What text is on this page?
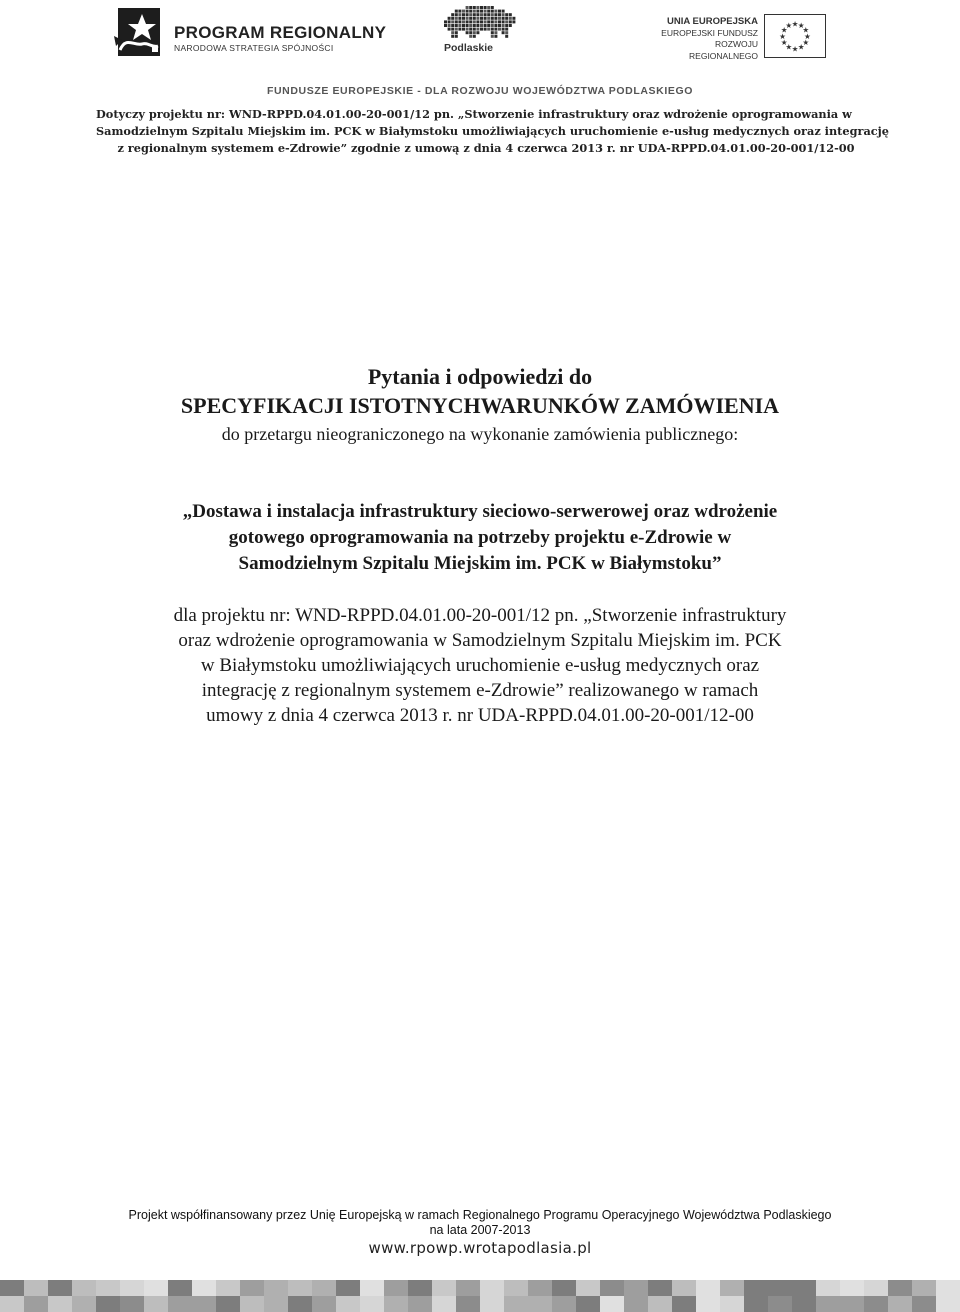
PROGRAM REGIONALNY
NARODOWA STRATEGIA SPÓJNOŚCI	Podlaskie
UNIA EUROPEJSKA
EUROPEJSKI FUNDUSZ
ROZWOJU REGIONALNEGO
★ ★
★
★
★
★
★
★
★
★
★
★
FUNDUSZE EUROPEJSKIE - DLA ROZWOJU WOJEWÓDZTWA PODLASKIEGO
Dotyczy projektu nr: WND-RPPD.04.01.00-20-001/12 pn. „Stworzenie infrastruktury oraz wdrożenie oprogramowania w
Samodzielnym Szpitalu Miejskim im. PCK w Białymstoku umożliwiających uruchomienie e-usług medycznych oraz integrację
z regionalnym systemem e-Zdrowie” zgodnie z umową z dnia 4 czerwca 2013 r. nr UDA-RPPD.04.01.00-20-001/12-00
Pytania i odpowiedzi do
SPECYFIKACJI ISTOTNYCHWARUNKÓW ZAMÓWIENIA
do przetargu nieograniczonego na wykonanie zamówienia publicznego:
„Dostawa i instalacja infrastruktury sieciowo-serwerowej oraz wdrożenie
gotowego oprogramowania na potrzeby projektu e-Zdrowie w
Samodzielnym Szpitalu Miejskim im. PCK w Białymstoku”
dla projektu nr: WND-RPPD.04.01.00-20-001/12 pn. „Stworzenie infrastruktury
oraz wdrożenie oprogramowania w Samodzielnym Szpitalu Miejskim im. PCK
w Białymstoku umożliwiających uruchomienie e-usług medycznych oraz
integrację z regionalnym systemem e-Zdrowie” realizowanego w ramach
umowy z dnia 4 czerwca 2013 r. nr UDA-RPPD.04.01.00-20-001/12-00
Projekt współfinansowany przez Unię Europejską w ramach Regionalnego Programu Operacyjnego Województwa Podlaskiego
na lata 2007-2013
www.rpowp.wrotapodlasia.pl
